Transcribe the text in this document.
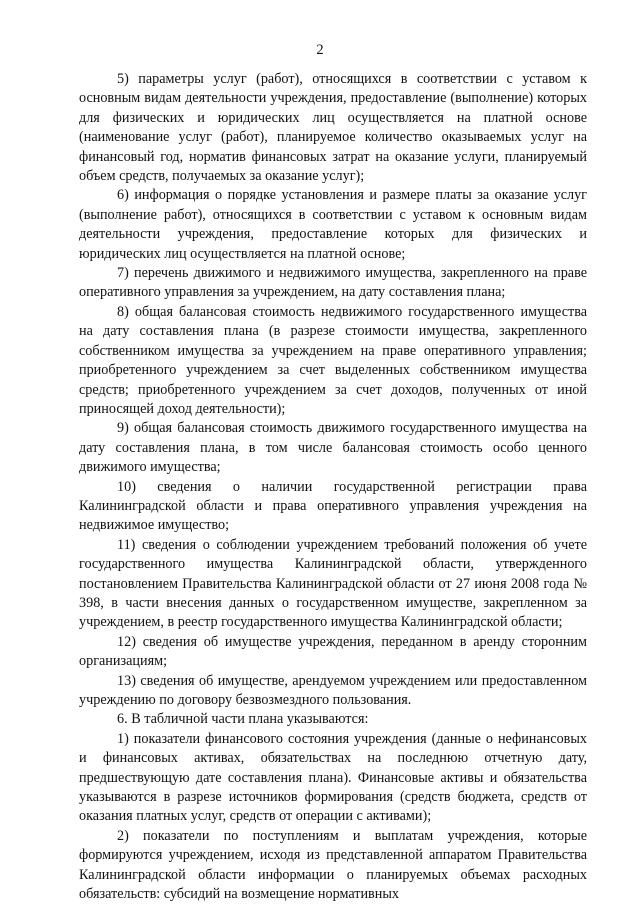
2

5) параметры услуг (работ), относящихся в соответствии с уставом к основным видам деятельности учреждения, предоставление (выполнение) которых для физических и юридических лиц осуществляется на платной основе (наименование услуг (работ), планируемое количество оказываемых услуг на финансовый год, норматив финансовых затрат на оказание услуги, планируемый объем средств, получаемых за оказание услуг);

6) информация о порядке установления и размере платы за оказание услуг (выполнение работ), относящихся в соответствии с уставом к основным видам деятельности учреждения, предоставление которых для физических и юридических лиц осуществляется на платной основе;

7) перечень движимого и недвижимого имущества, закрепленного на праве оперативного управления за учреждением, на дату составления плана;

8) общая балансовая стоимость недвижимого государственного имущества на дату составления плана (в разрезе стоимости имущества, закрепленного собственником имущества за учреждением на праве оперативного управления; приобретенного учреждением за счет выделенных собственником имущества средств; приобретенного учреждением за счет доходов, полученных от иной приносящей доход деятельности);

9) общая балансовая стоимость движимого государственного имущества на дату составления плана, в том числе балансовая стоимость особо ценного движимого имущества;

10) сведения о наличии государственной регистрации права Калининградской области и права оперативного управления учреждения на недвижимое имущество;

11) сведения о соблюдении учреждением требований положения об учете государственного имущества Калининградской области, утвержденного постановлением Правительства Калининградской области от 27 июня 2008 года № 398, в части внесения данных о государственном имуществе, закрепленном за учреждением, в реестр государственного имущества Калининградской области;

12) сведения об имуществе учреждения, переданном в аренду сторонним организациям;

13) сведения об имуществе, арендуемом учреждением или предоставленном учреждению по договору безвозмездного пользования.

6. В табличной части плана указываются:

1) показатели финансового состояния учреждения (данные о нефинансовых и финансовых активах, обязательствах на последнюю отчетную дату, предшествующую дате составления плана). Финансовые активы и обязательства указываются в разрезе источников формирования (средств бюджета, средств от оказания платных услуг, средств от операции с активами);

2) показатели по поступлениям и выплатам учреждения, которые формируются учреждением, исходя из представленной аппаратом Правительства Калининградской области информации о планируемых объемах расходных обязательств: субсидий на возмещение нормативных
